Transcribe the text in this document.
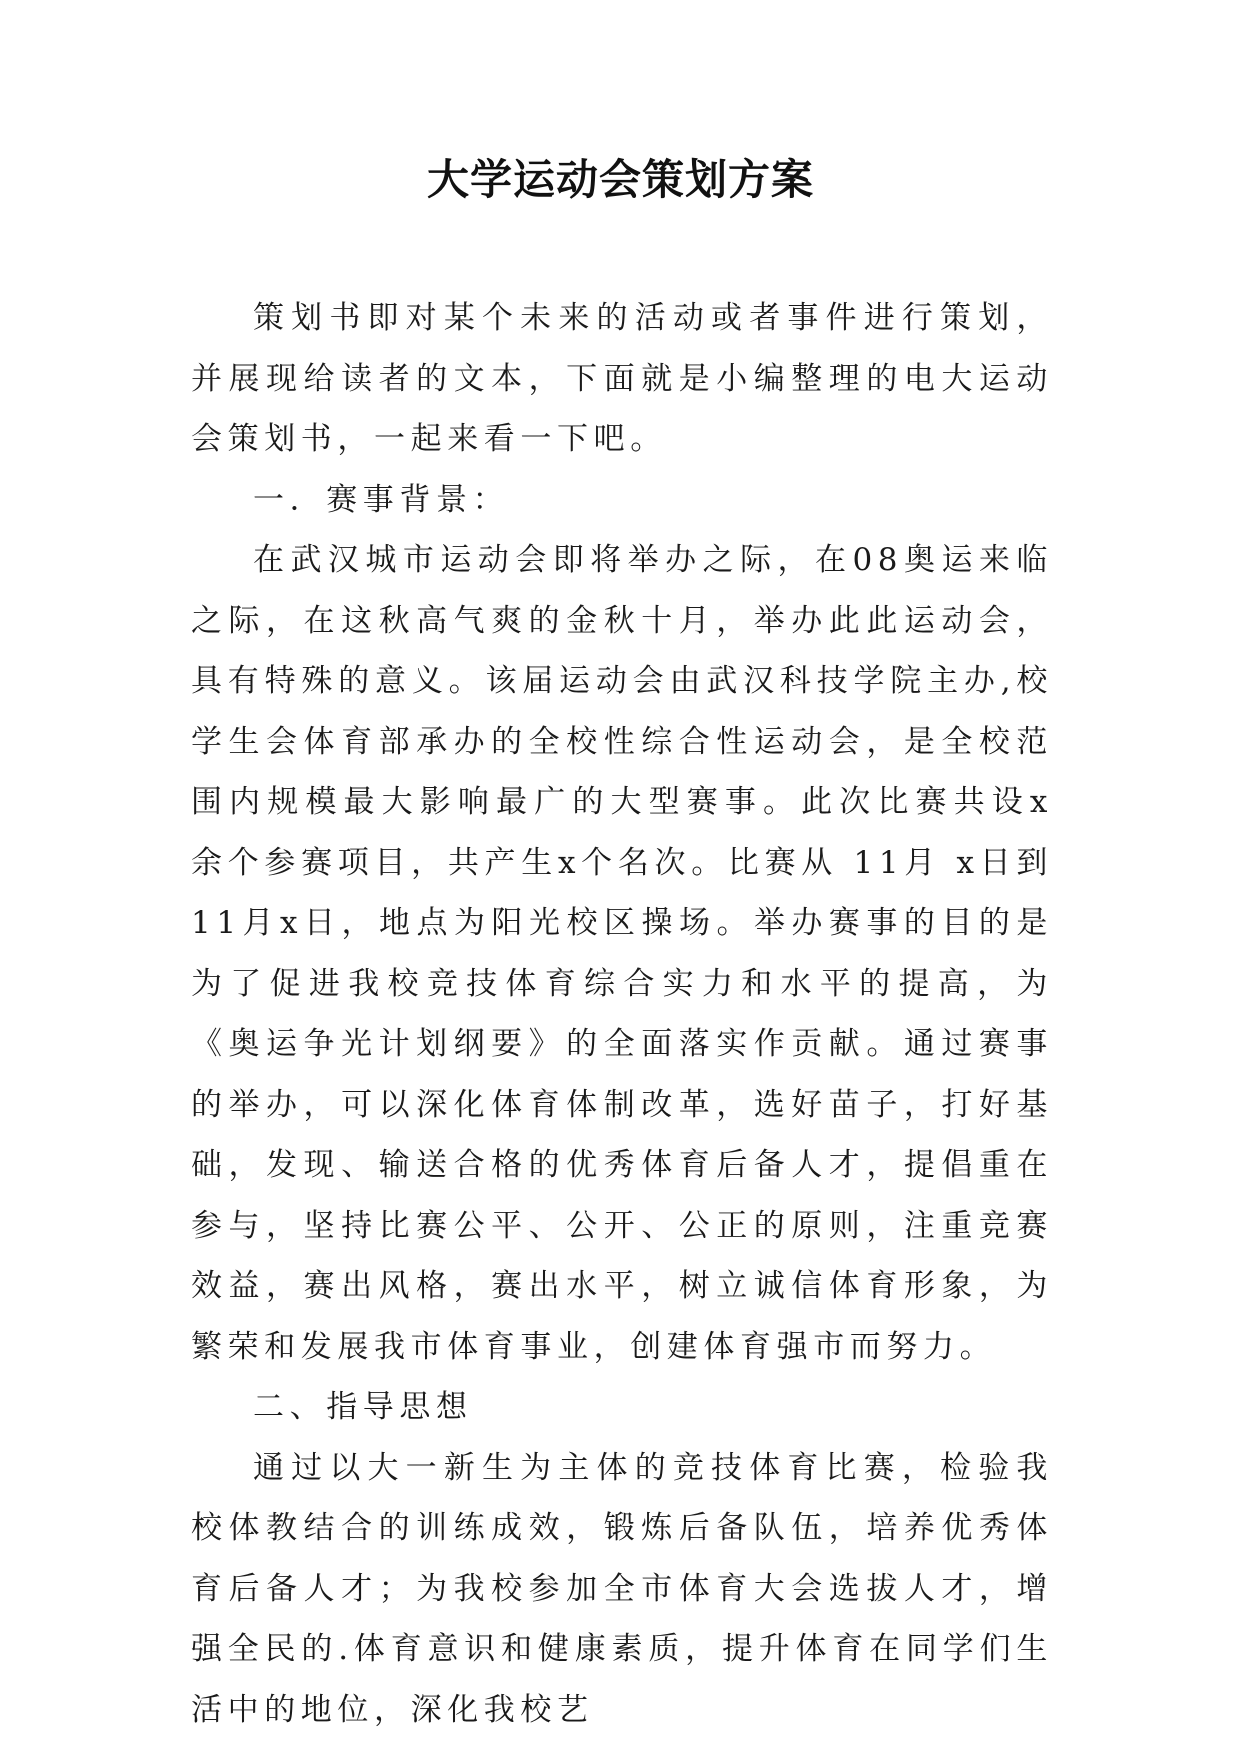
大学运动会策划方案

策划书即对某个未来的活动或者事件进行策划，并展现给读者的文本，下面就是小编整理的电大运动会策划书，一起来看一下吧。

一．赛事背景：

在武汉城市运动会即将举办之际，在08奥运来临之际，在这秋高气爽的金秋十月，举办此此运动会，具有特殊的意义。该届运动会由武汉科技学院主办,校学生会体育部承办的全校性综合性运动会，是全校范围内规模最大影响最广的大型赛事。此次比赛共设x余个参赛项目，共产生x个名次。比赛从 11月 x日到11月x日，地点为阳光校区操场。举办赛事的目的是为了促进我校竞技体育综合实力和水平的提高，为《奥运争光计划纲要》的全面落实作贡献。通过赛事的举办，可以深化体育体制改革，选好苗子，打好基础，发现、输送合格的优秀体育后备人才，提倡重在参与，坚持比赛公平、公开、公正的原则，注重竞赛效益，赛出风格，赛出水平，树立诚信体育形象，为繁荣和发展我市体育事业，创建体育强市而努力。

二、指导思想

通过以大一新生为主体的竞技体育比赛，检验我校体教结合的训练成效，锻炼后备队伍，培养优秀体育后备人才；为我校参加全市体育大会选拔人才，增强全民的.体育意识和健康素质，提升体育在同学们生活中的地位，深化我校艺
